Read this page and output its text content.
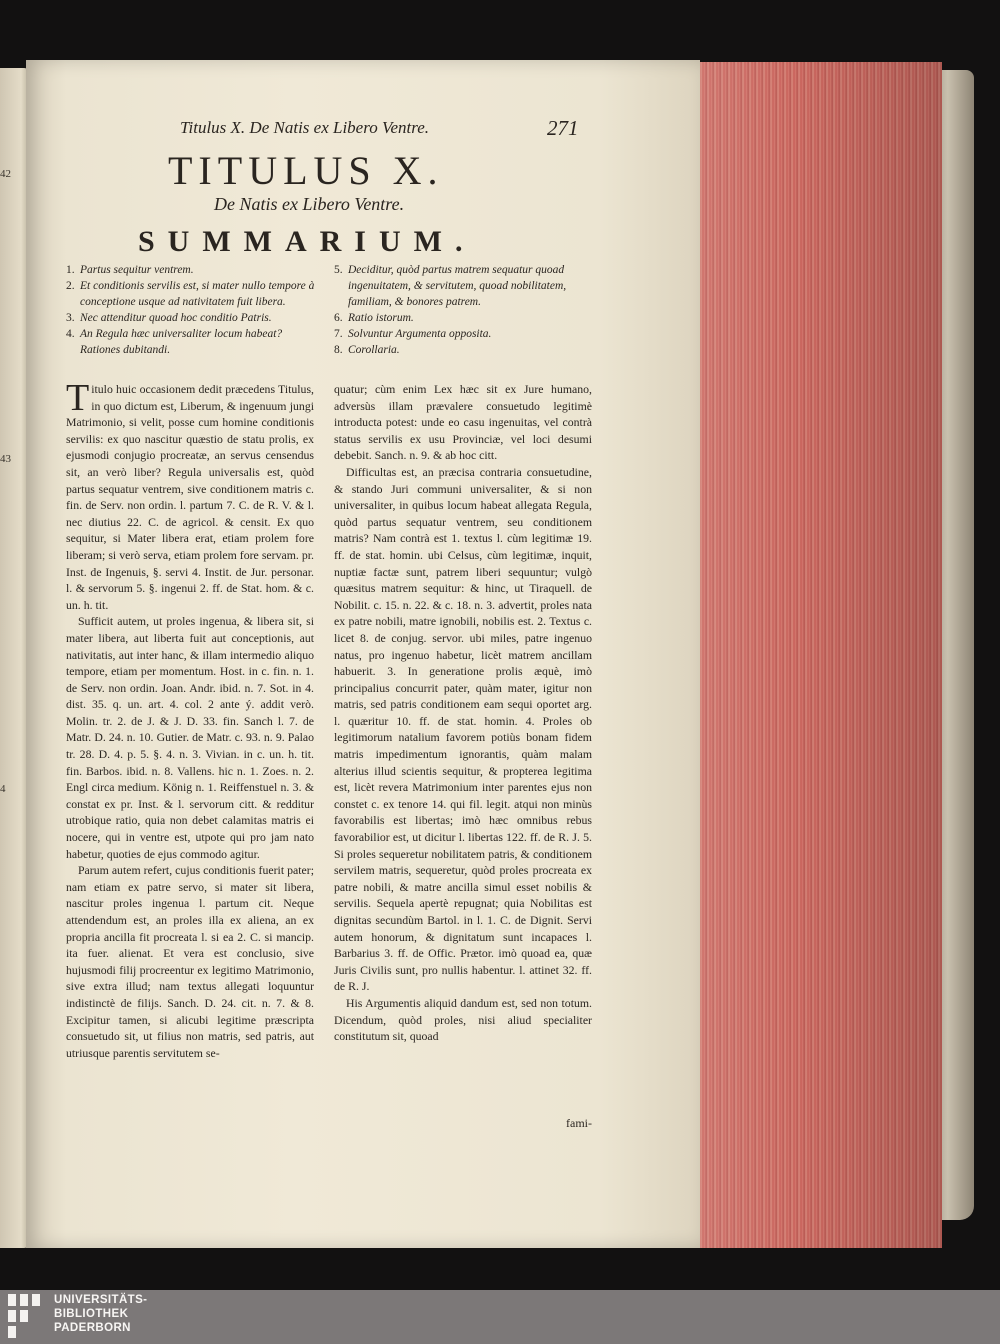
42
43
4
Titulus X. De Natis ex Libero Ventre.	271
TITULUS X.
De Natis ex Libero Ventre.
SUMMARIUM.
1. Partus sequitur ventrem.
2. Et conditionis servilis est, si mater nullo tempore à conceptione usque ad nativitatem fuit libera.
3. Nec attenditur quoad hoc conditio Patris.
4. An Regula hæc universaliter locum habeat? Rationes dubitandi.
5. Deciditur, quòd partus matrem sequatur quoad ingenuitatem, & servitutem, quoad nobilitatem, familiam, & bonores patrem.
6. Ratio istorum.
7. Solvuntur Argumenta opposita.
8. Corollaria.

Titulo huic occasionem dedit præcedens Titulus, in quo dictum est, Liberum, & ingenuum jungi Matrimonio, si velit, posse cum homine conditionis servilis: ex quo nascitur quæstio de statu prolis, ex ejusmodi conjugio procreatæ, an servus censendus sit, an verò liber? Regula universalis est, quòd partus sequatur ventrem, sive conditionem matris c. fin. de Serv. non ordin. l. partum 7. C. de R. V. & l. nec diutius 22. C. de agricol. & censit. Ex quo sequitur, si Mater libera erat, etiam prolem fore liberam; si verò serva, etiam prolem fore servam. pr. Inst. de Ingenuis, §. servi 4. Instit. de Jur. personar. l. & servorum 5. §. ingenui 2. ff. de Stat. hom. & c. un. h. tit.

Sufficit autem, ut proles ingenua, & libera sit, si mater libera, aut liberta fuit aut conceptionis, aut nativitatis, aut inter hanc, & illam intermedio aliquo tempore, etiam per momentum. Host. in c. fin. n. 1. de Serv. non ordin. Joan. Andr. ibid. n. 7. Sot. in 4. dist. 35. q. un. art. 4. col. 2 ante ý. addit verò. Molin. tr. 2. de J. & J. D. 33. fin. Sanch l. 7. de Matr. D. 24. n. 10. Gutier. de Matr. c. 93. n. 9. Palao tr. 28. D. 4. p. 5. §. 4. n. 3. Vivian. in c. un. h. tit. fin. Barbos. ibid. n. 8. Vallens. hic n. 1. Zoes. n. 2. Engl circa medium. König n. 1. Reiffenstuel n. 3. & constat ex pr. Inst. & l. servorum citt. & redditur utrobique ratio, quia non debet calamitas matris ei nocere, qui in ventre est, utpote qui pro jam nato habetur, quoties de ejus commodo agitur.

Parum autem refert, cujus conditionis fuerit pater; nam etiam ex patre servo, si mater sit libera, nascitur proles ingenua l. partum cit. Neque attendendum est, an proles illa ex aliena, an ex propria ancilla fit procreata l. si ea 2. C. si mancip. ita fuer. alienat. Et vera est conclusio, sive hujusmodi filij procreentur ex legitimo Matrimonio, sive extra illud; nam textus allegati loquuntur indistinctè de filijs. Sanch. D. 24. cit. n. 7. & 8. Excipitur tamen, si alicubi legitime præscripta consuetudo sit, ut filius non matris, sed patris, aut utriusque parentis servitutem se-

quatur; cùm enim Lex hæc sit ex Jure humano, adversùs illam prævalere consuetudo legitimè introducta potest: unde eo casu ingenuitas, vel contrà status servilis ex usu Provinciæ, vel loci desumi debebit. Sanch. n. 9. & ab hoc citt.

Difficultas est, an præcisa contraria consuetudine, & stando Juri communi universaliter, & si non universaliter, in quibus locum habeat allegata Regula, quòd partus sequatur ventrem, seu conditionem matris? Nam contrà est 1. textus l. cùm legitimæ 19. ff. de stat. homin. ubi Celsus, cùm legitimæ, inquit, nuptiæ factæ sunt, patrem liberi sequuntur; vulgò quæsitus matrem sequitur: & hinc, ut Tiraquell. de Nobilit. c. 15. n. 22. & c. 18. n. 3. advertit, proles nata ex patre nobili, matre ignobili, nobilis est. 2. Textus c. licet 8. de conjug. servor. ubi miles, patre ingenuo natus, pro ingenuo habetur, licèt matrem ancillam habuerit. 3. In generatione prolis æquè, imò principalius concurrit pater, quàm mater, igitur non matris, sed patris conditionem eam sequi oportet arg. l. quæritur 10. ff. de stat. homin. 4. Proles ob legitimorum natalium favorem potiùs bonam fidem matris impedimentum ignorantis, quàm malam alterius illud scientis sequitur, & propterea legitima est, licèt revera Matrimonium inter parentes ejus non constet c. ex tenore 14. qui fil. legit. atqui non minùs favorabilis est libertas; imò hæc omnibus rebus favorabilior est, ut dicitur l. libertas 122. ff. de R. J. 5. Si proles sequeretur nobilitatem patris, & conditionem servilem matris, sequeretur, quòd proles procreata ex patre nobili, & matre ancilla simul esset nobilis & servilis. Sequela apertè repugnat; quia Nobilitas est dignitas secundùm Bartol. in l. 1. C. de Dignit. Servi autem honorum, & dignitatum sunt incapaces l. Barbarius 3. ff. de Offic. Prætor. imò quoad ea, quæ Juris Civilis sunt, pro nullis habentur. l. attinet 32. ff. de R. J.

His Argumentis aliquid dandum est, sed non totum. Dicendum, quòd proles, nisi aliud specialiter constitutum sit, quoad

fami-
UNIVERSITÄTS-
BIBLIOTHEK
PADERBORN
